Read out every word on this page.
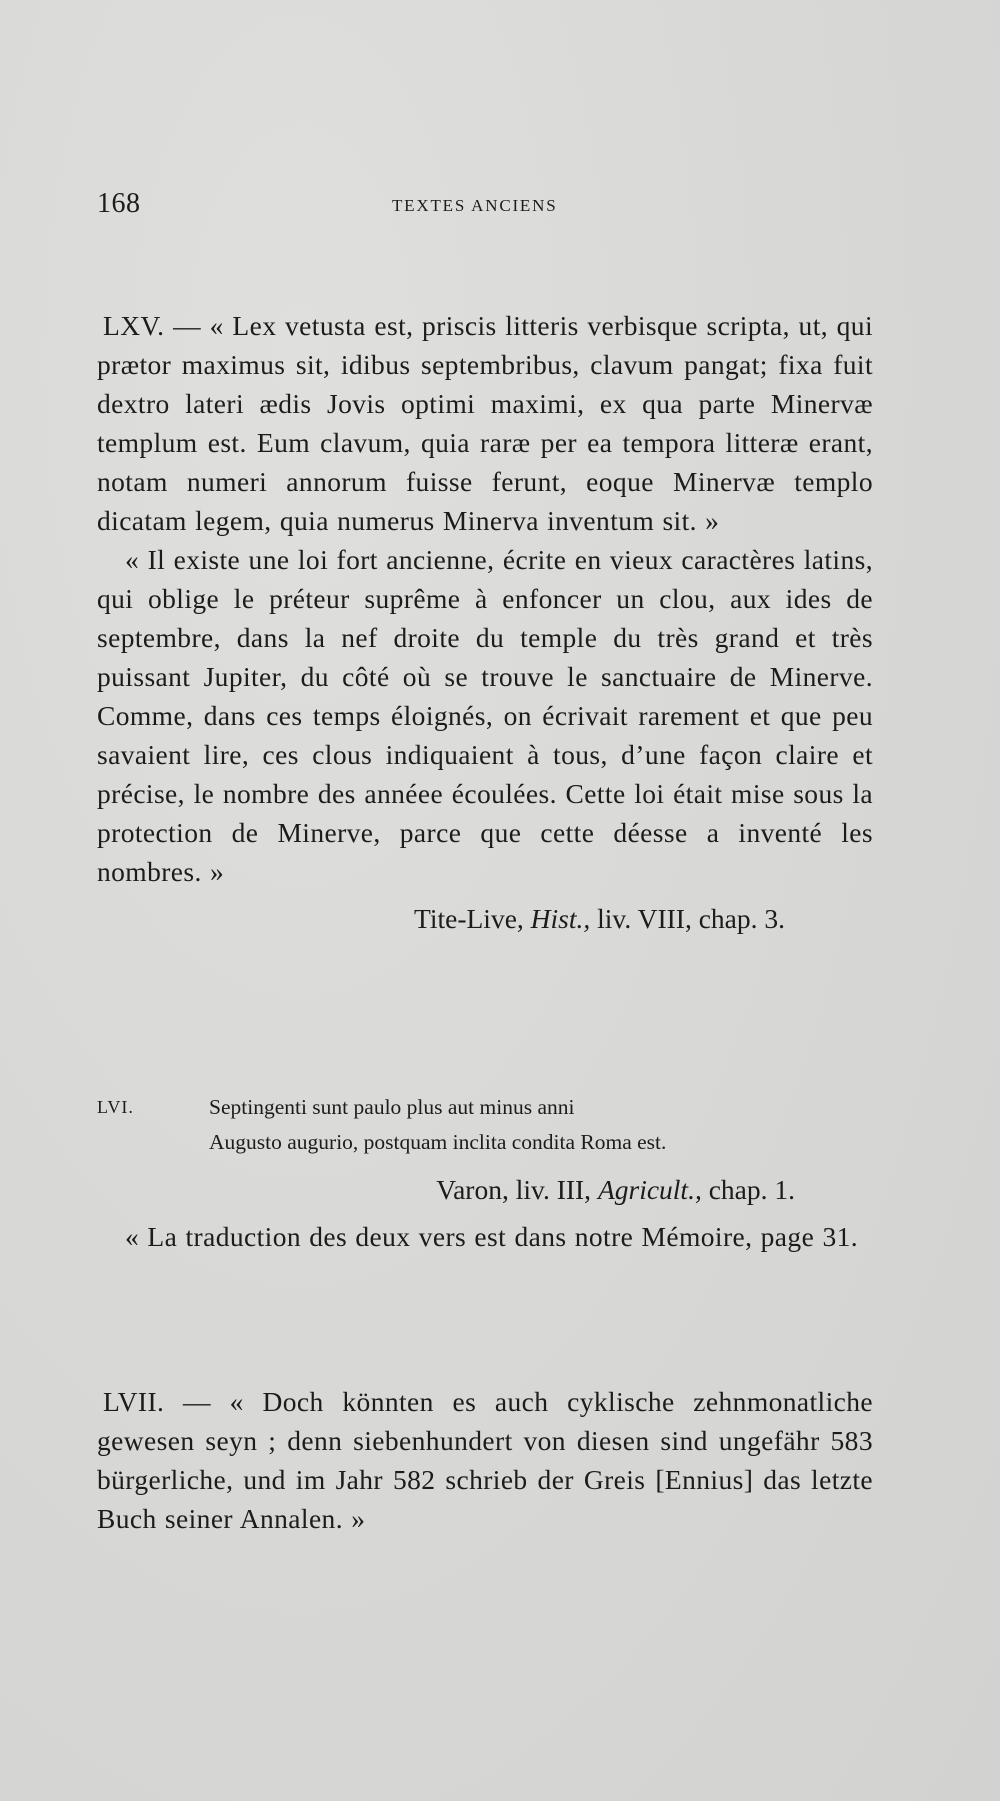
168	TEXTES ANCIENS

LXV. — « Lex vetusta est, priscis litteris verbisque scripta, ut, qui prætor maximus sit, idibus septembribus, clavum pangat; fixa fuit dextro lateri ædis Jovis optimi maximi, ex qua parte Minervæ templum est. Eum clavum, quia raræ per ea tempora litteræ erant, notam numeri annorum fuisse ferunt, eoque Minervæ templo dicatam legem, quia numerus Minerva inventum sit. »

« Il existe une loi fort ancienne, écrite en vieux caractères latins, qui oblige le préteur suprême à enfoncer un clou, aux ides de septembre, dans la nef droite du temple du très grand et très puissant Jupiter, du côté où se trouve le sanctuaire de Minerve. Comme, dans ces temps éloignés, on écrivait rarement et que peu savaient lire, ces clous indiquaient à tous, d’une façon claire et précise, le nombre des annéee écoulées. Cette loi était mise sous la protection de Minerve, parce que cette déesse a inventé les nombres. »

Tite-Live, Hist., liv. VIII, chap. 3.

LVI.	Septingenti sunt paulo plus aut minus anni
Augusto augurio, postquam inclita condita Roma est.

Varon, liv. III, Agricult., chap. 1.

« La traduction des deux vers est dans notre Mémoire, page 31.

LVII. — « Doch könnten es auch cyklische zehnmonatliche gewesen seyn ; denn siebenhundert von diesen sind ungefähr 583 bürgerliche, und im Jahr 582 schrieb der Greis [Ennius] das letzte Buch seiner Annalen. »
